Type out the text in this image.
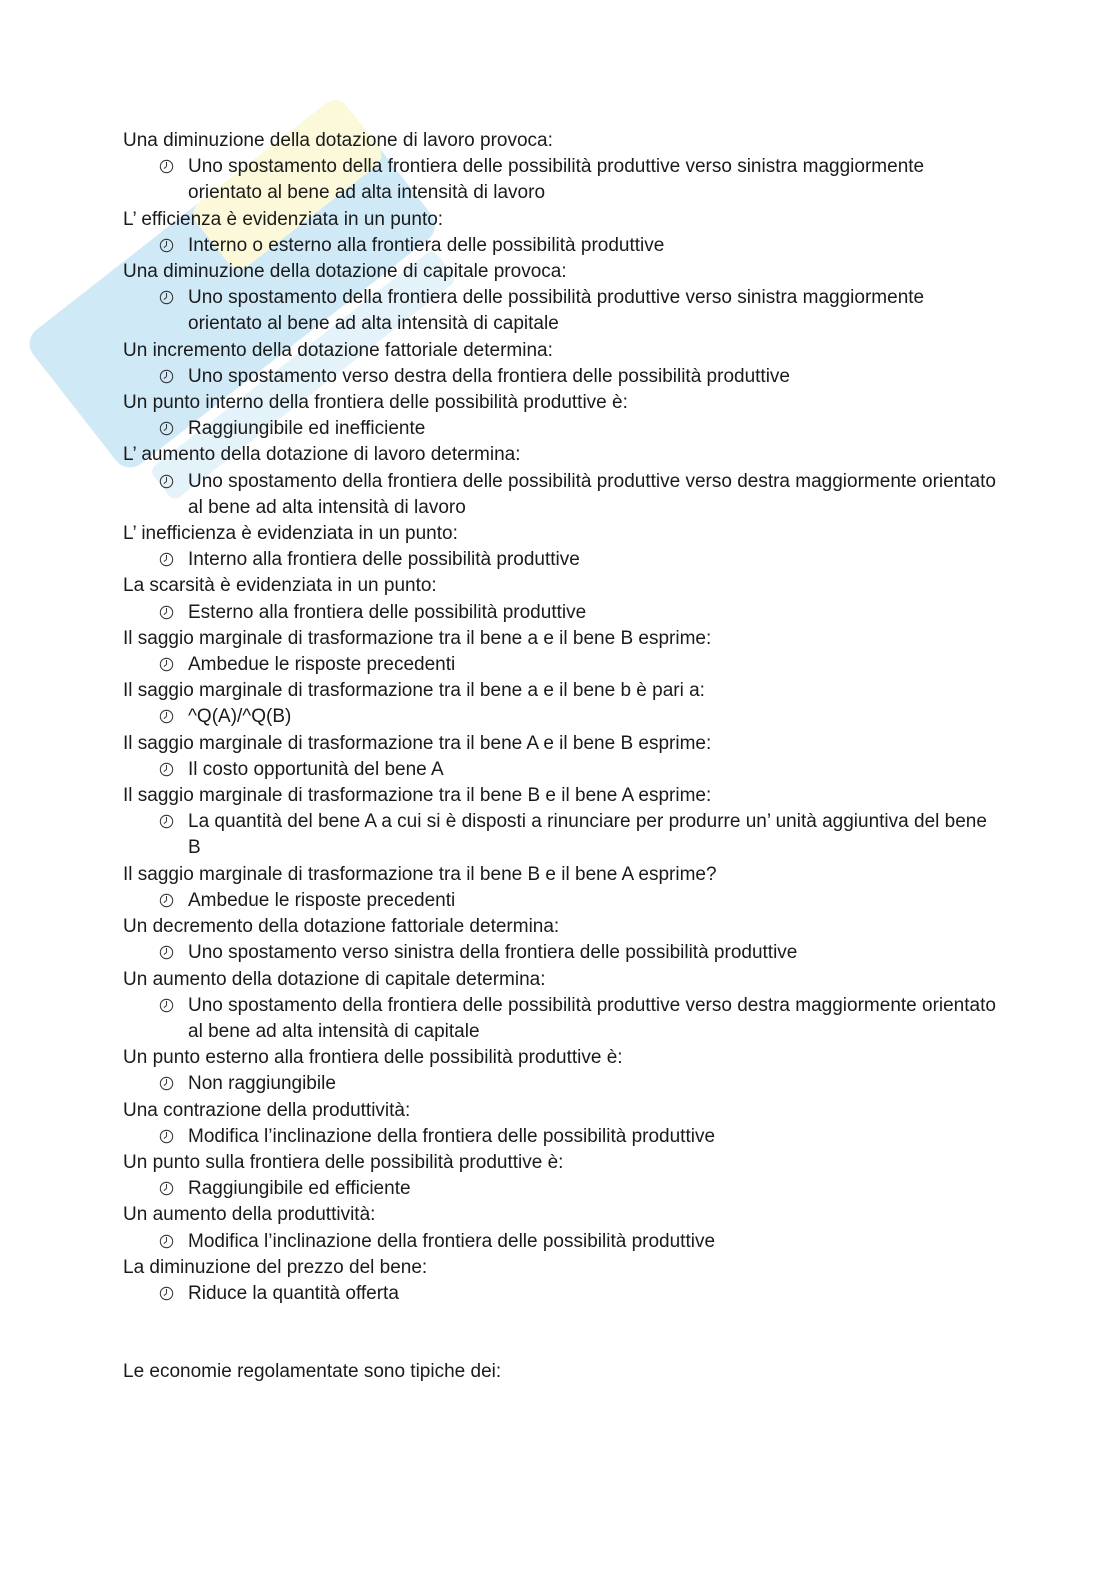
Una diminuzione della dotazione di lavoro provoca:

Uno spostamento della frontiera delle possibilità produttive verso sinistra maggiormente orientato al bene ad alta intensità di lavoro

L’ efficienza è evidenziata in un punto:

Interno o esterno alla frontiera delle possibilità produttive

Una diminuzione della dotazione di capitale provoca:

Uno spostamento della frontiera delle possibilità produttive verso sinistra maggiormente orientato al bene ad alta intensità di capitale

Un incremento della dotazione fattoriale determina:

Uno spostamento verso destra della frontiera delle possibilità produttive

Un punto interno della frontiera delle possibilità produttive è:

Raggiungibile ed inefficiente

L’ aumento della dotazione di lavoro determina:

Uno spostamento della frontiera delle possibilità produttive verso destra maggiormente orientato al bene ad alta intensità di lavoro

L’ inefficienza è evidenziata in un punto:

Interno alla frontiera delle possibilità produttive

La scarsità è evidenziata in un punto:

Esterno alla frontiera delle possibilità produttive

Il saggio marginale di trasformazione tra il bene a e il bene B esprime:

Ambedue le risposte precedenti

Il saggio marginale di trasformazione tra il bene a e il bene b è pari a:

^Q(A)/^Q(B)

Il saggio marginale di trasformazione tra il bene A e il bene B esprime:

Il costo opportunità del bene A

Il saggio marginale di trasformazione tra il bene B e il bene A esprime:

La quantità del bene A a cui si è disposti a rinunciare per produrre un’ unità aggiuntiva del bene B

Il saggio marginale di trasformazione tra il bene B e il bene A esprime?

Ambedue le risposte precedenti

Un decremento della dotazione fattoriale determina:

Uno spostamento verso sinistra della frontiera delle possibilità produttive

Un aumento della dotazione di capitale determina:

Uno spostamento della frontiera delle possibilità produttive verso destra maggiormente orientato al bene ad alta intensità di capitale

Un punto esterno alla frontiera delle possibilità produttive è:

Non raggiungibile

Una contrazione della produttività:

Modifica l’inclinazione della frontiera delle possibilità produttive

Un punto sulla frontiera delle possibilità produttive è:

Raggiungibile ed efficiente

Un aumento della produttività:

Modifica l’inclinazione della frontiera delle possibilità produttive

La diminuzione del prezzo del bene:

Riduce la quantità offerta

Le economie regolamentate sono tipiche dei:
